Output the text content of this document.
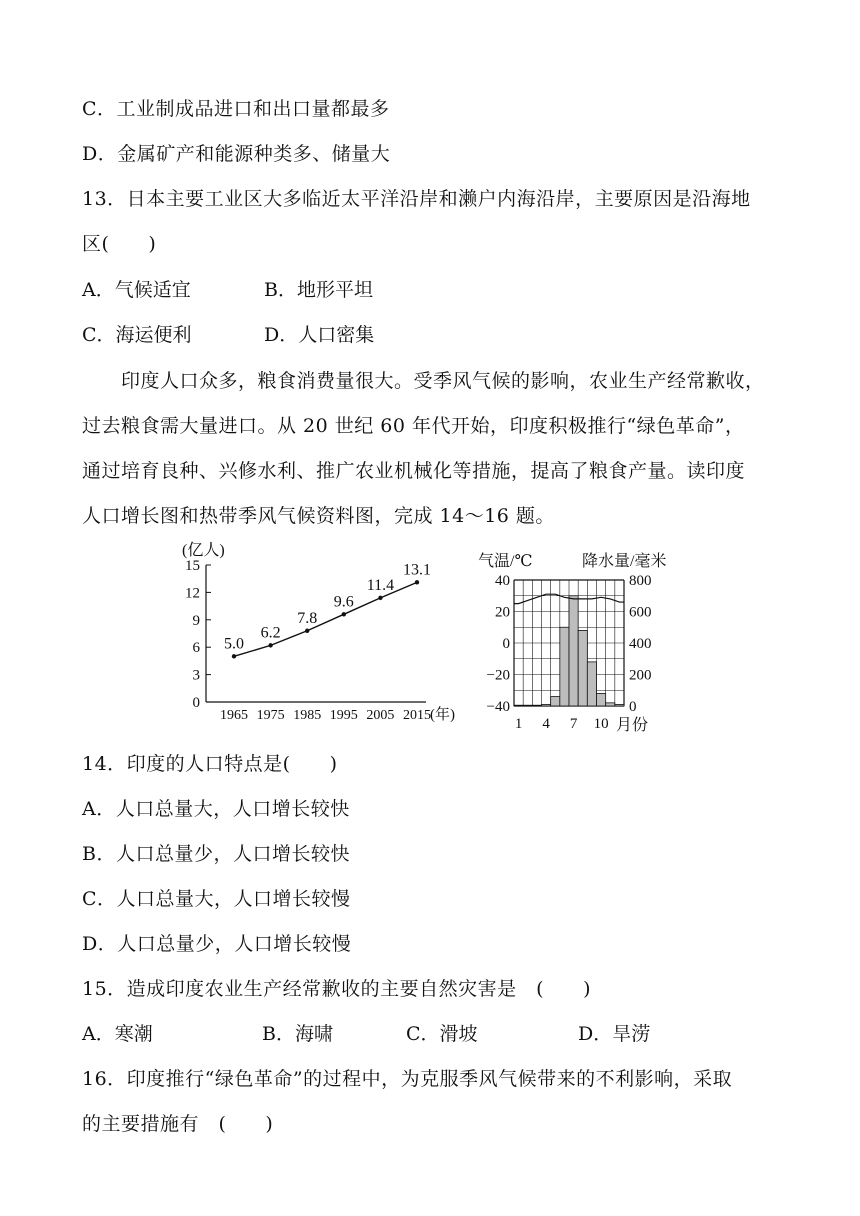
C．工业制成品进口和出口量都最多
D．金属矿产和能源种类多、储量大
13．日本主要工业区大多临近太平洋沿岸和濑户内海沿岸，主要原因是沿海地
区(　　)
A．气候适宜	B．地形平坦
C．海运便利	D．人口密集
　　印度人口众多，粮食消费量很大。受季风气候的影响，农业生产经常歉收，
过去粮食需大量进口。从 20 世纪 60 年代开始，印度积极推行“绿色革命”，
通过培育良种、兴修水利、推广农业机械化等措施，提高了粮食产量。读印度
人口增长图和热带季风气候资料图，完成 14～16 题。
(亿人)
0
3
6
9
12
15
1965 1975 1985 1995 2005 2015
5.0
6.2
7.8
9.6
11.4
13.1
(年)
气温/℃	降水量/毫米
40
20
0
−20
−40
800
600
400
200
0
1 4 7 10 月份
14．印度的人口特点是(　　)
A．人口总量大，人口增长较快
B．人口总量少，人口增长较快
C．人口总量大，人口增长较慢
D．人口总量少，人口增长较慢
15．造成印度农业生产经常歉收的主要自然灾害是　(　　)
A．寒潮	B．海啸	C．滑坡	D．旱涝
16．印度推行“绿色革命”的过程中，为克服季风气候带来的不利影响，采取
的主要措施有　(　　)
